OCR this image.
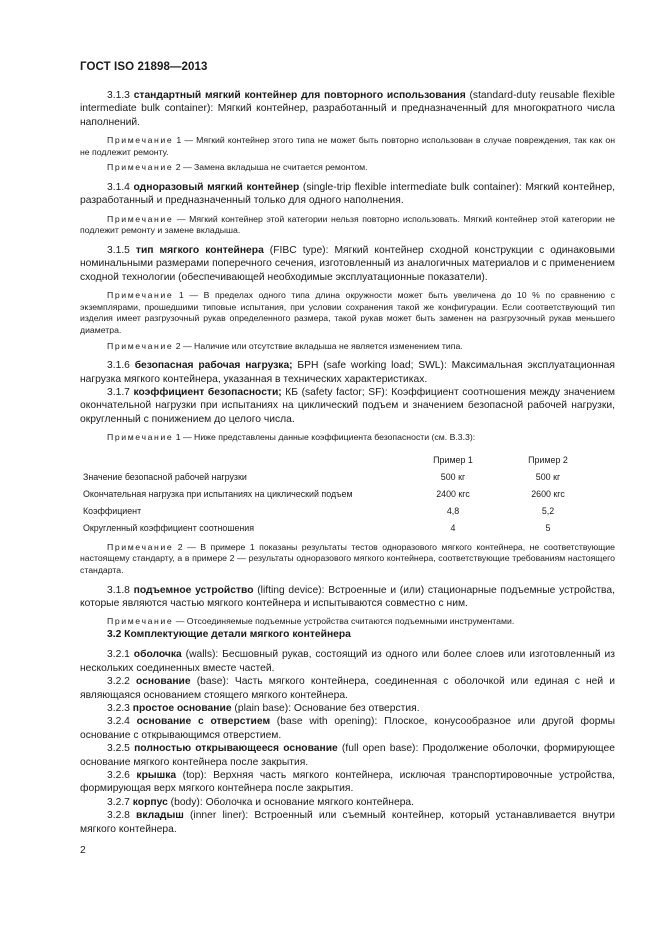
ГОСТ ISO 21898—2013

3.1.3 стандартный мягкий контейнер для повторного использования (standard-duty reusable flexible intermediate bulk container): Мягкий контейнер, разработанный и предназначенный для многократного числа наполнений.

Примечание 1 — Мягкий контейнер этого типа не может быть повторно использован в случае повреждения, так как он не подлежит ремонту.

Примечание 2 — Замена вкладыша не считается ремонтом.

3.1.4 одноразовый мягкий контейнер (single-trip flexible intermediate bulk container): Мягкий контейнер, разработанный и предназначенный только для одного наполнения.

Примечание — Мягкий контейнер этой категории нельзя повторно использовать. Мягкий контейнер этой категории не подлежит ремонту и замене вкладыша.

3.1.5 тип мягкого контейнера (FIBC type): Мягкий контейнер сходной конструкции с одинаковыми номинальными размерами поперечного сечения, изготовленный из аналогичных материалов и с применением сходной технологии (обеспечивающей необходимые эксплуатационные показатели).

Примечание 1 — В пределах одного типа длина окружности может быть увеличена до 10 % по сравнению с экземплярами, прошедшими типовые испытания, при условии сохранения такой же конфигурации. Если соответствующий тип изделия имеет разгрузочный рукав определенного размера, такой рукав может быть заменен на разгрузочный рукав меньшего диаметра.

Примечание 2 — Наличие или отсутствие вкладыша не является изменением типа.

3.1.6 безопасная рабочая нагрузка; БРН (safe working load; SWL): Максимальная эксплуатационная нагрузка мягкого контейнера, указанная в технических характеристиках.

3.1.7 коэффициент безопасности; КБ (safety factor; SF): Коэффициент соотношения между значением окончательной нагрузки при испытаниях на циклический подъем и значением безопасной рабочей нагрузки, округленный с понижением до целого числа.

Примечание 1 — Ниже представлены данные коэффициента безопасности (см. В.3.3):

	Пример 1	Пример 2
Значение безопасной рабочей нагрузки	500 кг	500 кг
Окончательная нагрузка при испытаниях на циклический подъем	2400 кгс	2600 кгс
Коэффициент	4,8	5,2
Округленный коэффициент соотношения	4	5

Примечание 2 — В примере 1 показаны результаты тестов одноразового мягкого контейнера, не соответствующие настоящему стандарту, а в примере 2 — результаты одноразового мягкого контейнера, соответствующие требованиям настоящего стандарта.

3.1.8 подъемное устройство (lifting device): Встроенные и (или) стационарные подъемные устройства, которые являются частью мягкого контейнера и испытываются совместно с ним.

Примечание — Отсоединяемые подъемные устройства считаются подъемными инструментами.

3.2 Комплектующие детали мягкого контейнера

3.2.1 оболочка (walls): Бесшовный рукав, состоящий из одного или более слоев или изготовленный из нескольких соединенных вместе частей.

3.2.2 основание (base): Часть мягкого контейнера, соединенная с оболочкой или единая с ней и являющаяся основанием стоящего мягкого контейнера.

3.2.3 простое основание (plain base): Основание без отверстия.

3.2.4 основание с отверстием (base with opening): Плоское, конусообразное или другой формы основание с открывающимся отверстием.

3.2.5 полностью открывающееся основание (full open base): Продолжение оболочки, формирующее основание мягкого контейнера после закрытия.

3.2.6 крышка (top): Верхняя часть мягкого контейнера, исключая транспортировочные устройства, формирующая верх мягкого контейнера после закрытия.

3.2.7 корпус (body): Оболочка и основание мягкого контейнера.

3.2.8 вкладыш (inner liner): Встроенный или съемный контейнер, который устанавливается внутри мягкого контейнера.

2
